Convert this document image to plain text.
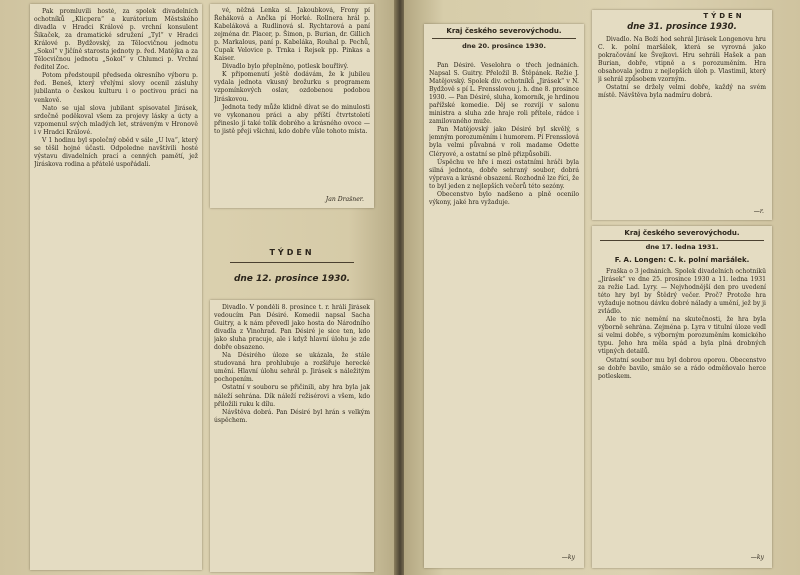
Pak promluvili hosté, za spolek divadelních ochotníků „Klicpera“ a kurátorium Městského divadla v Hradci Králové p. vrchní konsulent Šikaček, za dramatické sdružení „Tyl“ v Hradci Králové p. Bydžovský, za Tělocvičnou jednotu „Sokol“ v Jičíně starosta jednoty p. řed. Matějka a za Tělocvičnou jednotu „Sokol“ v Chlumci p. Vrchní ředitel Zoc.

Potom předstoupil předseda okresního výboru p. řed. Beneš, který vřelými slovy ocenil zásluhy jubilanta o českou kulturu i o poctivou práci na venkově.

Nato se ujal slova jubilant spisovatel Jirásek, srdečně poděkoval všem za projevy lásky a úcty a vzpomenul svých mladých let, stráveným v Hronově i v Hradci Králové.

V 1 hodinu byl společný oběd v sále „U lva“, který se těšil hojné účasti. Odpoledne navštívili hosté výstavu divadelních prací a cenných pamětí, jež Jiráskova rodina a přátelé uspořádali.

vé, něžná Lenka sl. Jakoubková, Frony pí Řeháková a Ančka pí Horké. Rollnera hrál p. Kabeláková a Rudlinová sl. Rychtarová a paní zejména dr. Placer, p. Šimon, p. Burian, dr. Gillich p. Markalous, paní p. Kabeláka, Rouhal p. Pechů, Cupak Velovice p. Trnka i Rejsek pp. Pinkas a Kaiser.

Divadlo bylo přeplněno, potlesk bouřlivý.

K připomenutí ještě dodávám, že k jubileu vydala jednota vkusný brožurku s programem vzpomínkových oslav, ozdobenou podobou Jiráskovou.

Jednota tedy může klidně dívat se do minulosti ve vykonanou práci a aby příští čtvrtstoletí přineslo jí také tolik dobrého a krásného ovoce — to jistě přeji všichni, kdo dobře vůle tohoto místa.

Jan Drašner.
TÝDEN
dne 12. prosince 1930.

Divadlo. V pondělí 8. prosince t. r. hráli Jirásek vedoucím Pan Désiré. Komedii napsal Sacha Guitry, a k nám převedl jako hosta do Národního divadla z Vinohrad. Pan Désiré je sice ten, kdo jako sluha pracuje, ale i když hlavní úlohu je zde dobře obsazeno.

Na Désirého úloze se ukázala, že stále studovaná hra prohlubuje a rozšiřuje herecké umění. Hlavní úlohu sehrál p. Jirásek s náležitým pochopením.

Ostatní v souboru se přičinili, aby hra byla jak náleží sehrána. Dík náleží režisérovi a všem, kdo přiložili ruku k dílu.

Návštěva dobrá. Pan Désiré byl hrán s velkým úspěchem.

Kraj českého severovýchodu.
dne 20. prosince 1930.

Pan Désiré. Veselohra o třech jednáních. Napsal S. Guitry. Přeložil B. Štěpánek. Režie J. Matějovský. Spolek div. ochotníků „Jirásek“ v N. Bydžově s pí L. Frensslovou j. h. dne 8. prosince 1930. — Pan Désiré, sluha, komorník, je hrdinou pařížské komedie. Děj se rozvíjí v salonu ministra a sluha zde hraje roli přítele, rádce i zamilovaného muže.

Pan Matějovský jako Désiré byl skvělý, s jemným porozuměním i humorem. Pí Frensslová byla velmi půvabná v roli madame Odette Cléryové, a ostatní se plně přizpůsobili.

Úspěchu ve hře i mezi ostatními hráči byla silná jednota, dobře sehraný soubor, dobrá výprava a krásné obsazení. Rozhodně lze řící, že to byl jeden z nejlepších večerů této sezóny.

Obecenstvo bylo nadšeno a plně ocenilo výkony, jaké hra vyžaduje.

—ky
TÝDEN
dne 31. prosince 1930.

Divadlo. Na Boží hod sehrál Jirásek Longenovu hru C. k. polní maršálek, která se vyrovná jako pokračování ke Švejkovi. Hru sehráli Hašek a pan Burian, dobře, vtipně a s porozuměním. Hra obsahovala jednu z nejlepších úloh p. Vlastimil, který ji sehrál způsobem vzorným.

Ostatní se držely velmi dobře, každý na svém místě. Návštěva byla nadmíru dobrá.

—r.
Kraj českého severovýchodu.
dne 17. ledna 1931.
F. A. Longen: C. k. polní maršálek.

Fraška o 3 jednáních. Spolek divadelních ochotníků „Jirásek“ ve dne 25. prosince 1930 a 11. ledna 1931 za režie Lad. Lyry. — Nejvhodnější den pro uvedení této hry byl by Štědrý večer. Proč? Protože hra vyžaduje notnou dávku dobré nálady a umění, jež by ji zvládlo.

Ale to nic nemění na skutečnosti, že hra byla výborně sehrána. Zejména p. Lyra v titulní úloze vedl si velmi dobře, s výborným porozuměním komického typu. Jeho hra měla spád a byla plná drobných vtipných detailů.

Ostatní soubor mu byl dobrou oporou. Obecenstvo se dobře bavilo, smálo se a rádo odměňovalo herce potleskem.

—ky
